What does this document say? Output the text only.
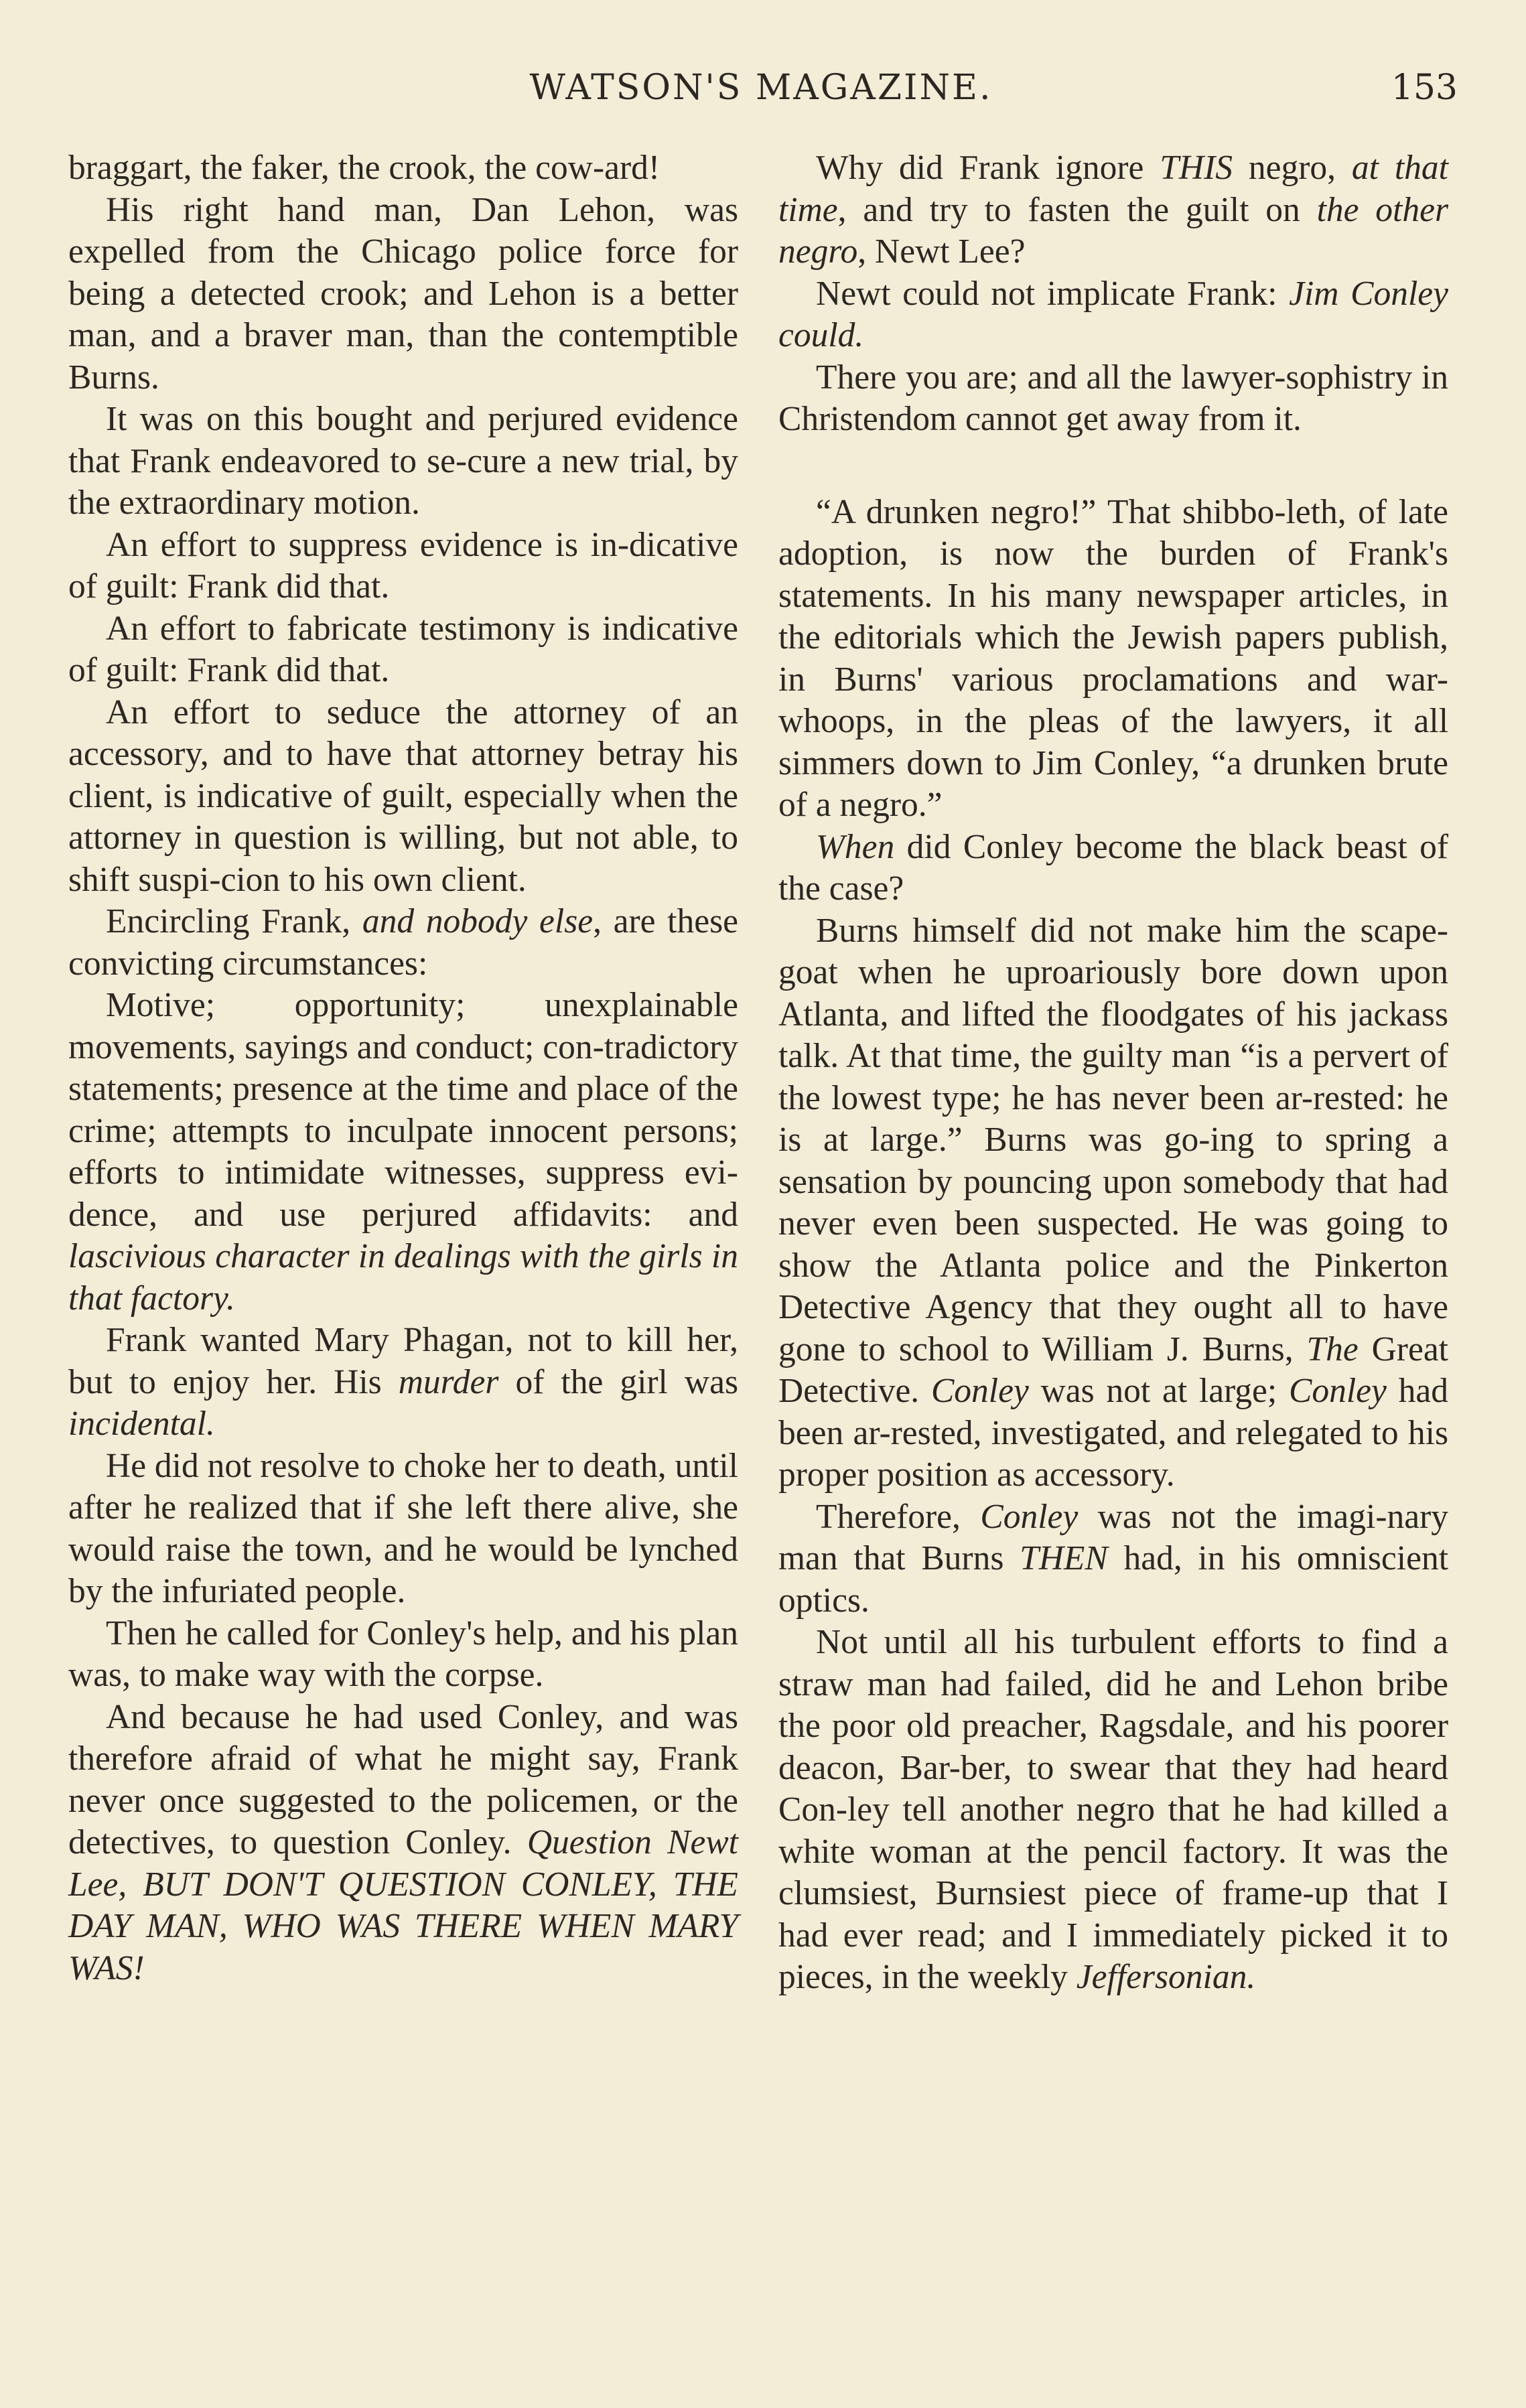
WATSON'S MAGAZINE.	153

braggart, the faker, the crook, the cow-ard!

His right hand man, Dan Lehon, was expelled from the Chicago police force for being a detected crook; and Lehon is a better man, and a braver man, than the contemptible Burns.

It was on this bought and perjured evidence that Frank endeavored to se-cure a new trial, by the extraordinary motion.

An effort to suppress evidence is in-dicative of guilt: Frank did that.

An effort to fabricate testimony is indicative of guilt: Frank did that.

An effort to seduce the attorney of an accessory, and to have that attorney betray his client, is indicative of guilt, especially when the attorney in question is willing, but not able, to shift suspi-cion to his own client.

Encircling Frank, and nobody else, are these convicting circumstances:

Motive; opportunity; unexplainable movements, sayings and conduct; con-tradictory statements; presence at the time and place of the crime; attempts to inculpate innocent persons; efforts to intimidate witnesses, suppress evi-dence, and use perjured affidavits: and lascivious character in dealings with the girls in that factory.

Frank wanted Mary Phagan, not to kill her, but to enjoy her. His murder of the girl was incidental.

He did not resolve to choke her to death, until after he realized that if she left there alive, she would raise the town, and he would be lynched by the infuriated people.

Then he called for Conley's help, and his plan was, to make way with the corpse.

And because he had used Conley, and was therefore afraid of what he might say, Frank never once suggested to the policemen, or the detectives, to question Conley. Question Newt Lee, BUT DON'T QUESTION CONLEY, THE DAY MAN, WHO WAS THERE WHEN MARY WAS!

Why did Frank ignore THIS negro, at that time, and try to fasten the guilt on the other negro, Newt Lee?

Newt could not implicate Frank: Jim Conley could.

There you are; and all the lawyer-sophistry in Christendom cannot get away from it.

“A drunken negro!” That shibbo-leth, of late adoption, is now the burden of Frank's statements. In his many newspaper articles, in the editorials which the Jewish papers publish, in Burns' various proclamations and war-whoops, in the pleas of the lawyers, it all simmers down to Jim Conley, “a drunken brute of a negro.”

When did Conley become the black beast of the case?

Burns himself did not make him the scape-goat when he uproariously bore down upon Atlanta, and lifted the floodgates of his jackass talk. At that time, the guilty man “is a pervert of the lowest type; he has never been ar-rested: he is at large.” Burns was go-ing to spring a sensation by pouncing upon somebody that had never even been suspected. He was going to show the Atlanta police and the Pinkerton Detective Agency that they ought all to have gone to school to William J. Burns, The Great Detective. Conley was not at large; Conley had been ar-rested, investigated, and relegated to his proper position as accessory.

Therefore, Conley was not the imagi-nary man that Burns THEN had, in his omniscient optics.

Not until all his turbulent efforts to find a straw man had failed, did he and Lehon bribe the poor old preacher, Ragsdale, and his poorer deacon, Bar-ber, to swear that they had heard Con-ley tell another negro that he had killed a white woman at the pencil factory. It was the clumsiest, Burnsiest piece of frame-up that I had ever read; and I immediately picked it to pieces, in the weekly Jeffersonian.
